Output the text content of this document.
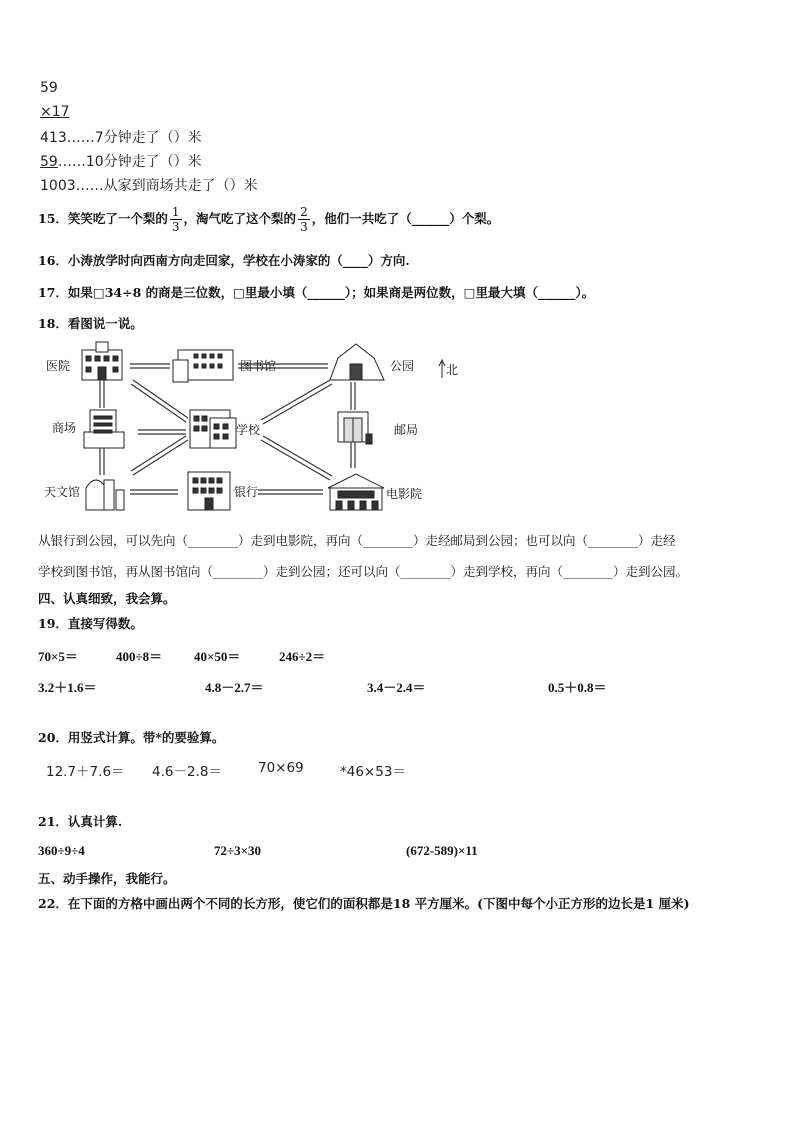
59
×17
413……7分钟走了（）米
59……10分钟走了（）米
1003……从家到商场共走了（）米
15．笑笑吃了一个梨的 $\frac{1}{3}$ ，淘气吃了这个梨的 $\frac{2}{3}$ ，他们一共吃了（______）个梨。
16．小涛放学时向西南方向走回家，学校在小涛家的（____）方向.
17．如果□34÷8 的商是三位数，□里最小填（______）；如果商是两位数，□里最大填（______）。
18．看图说一说。
医院	图书馆	公园	北
商场	学校	邮局
天文馆	银行	电影院
从银行到公园，可以先向（________）走到电影院，再向（________）走经邮局到公园；也可以向（________）走经
学校到图书馆，再从图书馆向（________）走到公园；还可以向（________）走到学校，再向（________）走到公园。
四、认真细致，我会算。
19．直接写得数。
70×5＝	400÷8＝ 40×50＝	246÷2＝
3.2＋1.6＝	4.8－2.7＝	3.4－2.4＝	0.5＋0.8＝
20．用竖式计算。带*的要验算。
12.7＋7.6＝ 4.6－2.8＝	70×69	*46×53＝
21．认真计算.
360÷9÷4	72÷3×30	(672-589)×11
五、动手操作，我能行。
22．在下面的方格中画出两个不同的长方形，使它们的面积都是18 平方厘米。(下图中每个小正方形的边长是1 厘米)
